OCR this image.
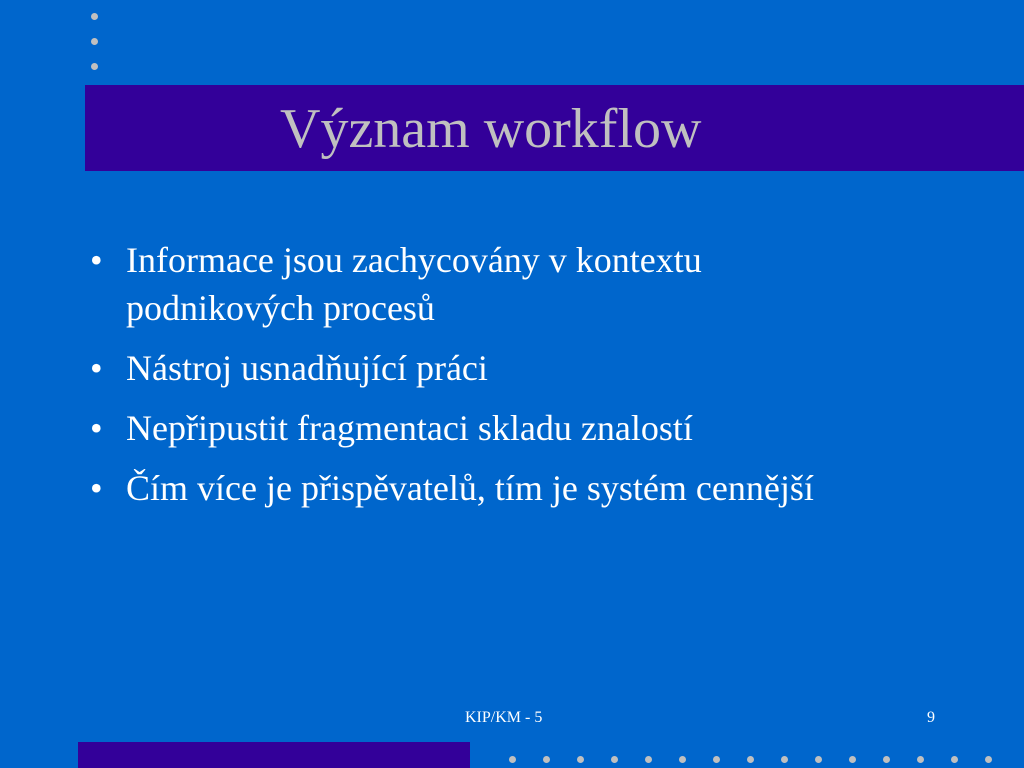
Význam workflow
• Informace jsou zachycovány v kontextu podnikových procesů
• Nástroj usnadňující práci
• Nepřipustit fragmentaci skladu znalostí
• Čím více je přispěvatelů, tím je systém cennější
KIP/KM - 5	9
